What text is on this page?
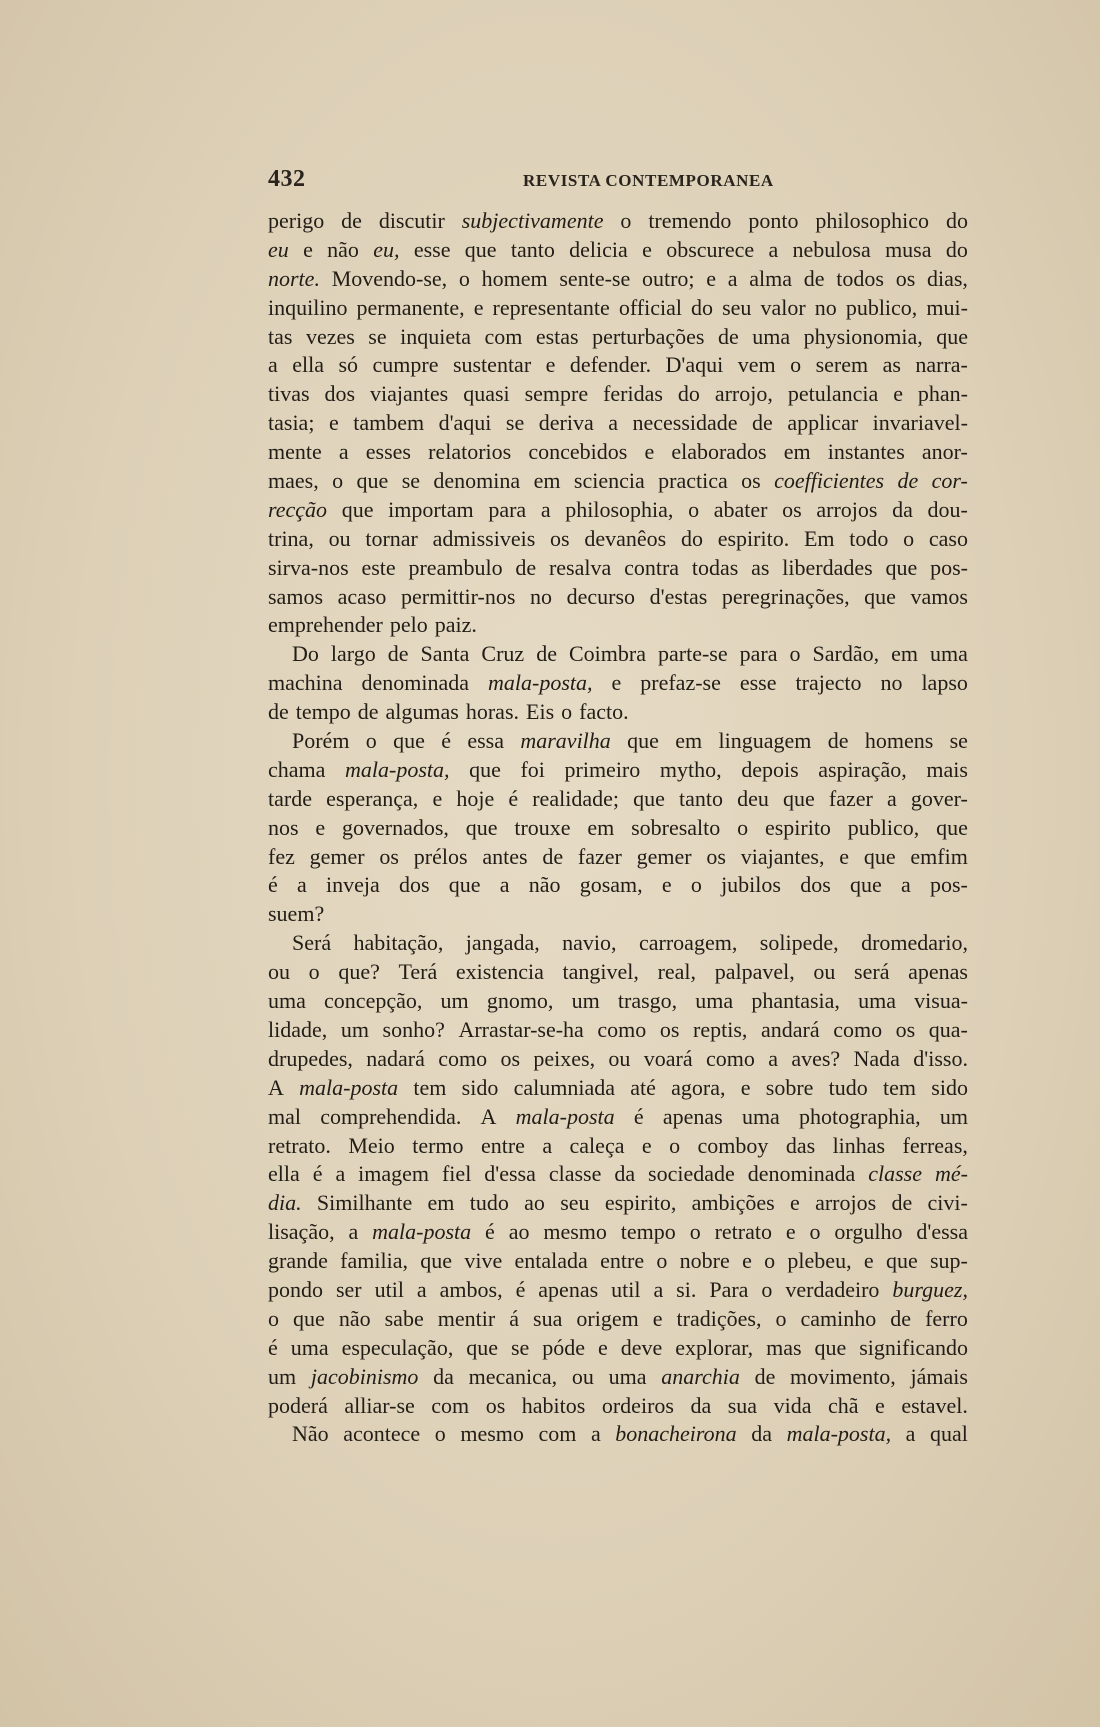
432	REVISTA CONTEMPORANEA
perigo de discutir subjectivamente o tremendo ponto philosophico do
eu e não eu, esse que tanto delicia e obscurece a nebulosa musa do
norte. Movendo-se, o homem sente-se outro; e a alma de todos os dias,
inquilino permanente, e representante official do seu valor no publico, mui-
tas vezes se inquieta com estas perturbações de uma physionomia, que
a ella só cumpre sustentar e defender. D'aqui vem o serem as narra-
tivas dos viajantes quasi sempre feridas do arrojo, petulancia e phan-
tasia; e tambem d'aqui se deriva a necessidade de applicar invariavel-
mente a esses relatorios concebidos e elaborados em instantes anor-
maes, o que se denomina em sciencia practica os coefficientes de cor-
recção que importam para a philosophia, o abater os arrojos da dou-
trina, ou tornar admissiveis os devanêos do espirito. Em todo o caso
sirva-nos este preambulo de resalva contra todas as liberdades que pos-
samos acaso permittir-nos no decurso d'estas peregrinações, que vamos
emprehender pelo paiz.
Do largo de Santa Cruz de Coimbra parte-se para o Sardão, em uma
machina denominada mala-posta, e prefaz-se esse trajecto no lapso
de tempo de algumas horas. Eis o facto.
Porém o que é essa maravilha que em linguagem de homens se
chama mala-posta, que foi primeiro mytho, depois aspiração, mais
tarde esperança, e hoje é realidade; que tanto deu que fazer a gover-
nos e governados, que trouxe em sobresalto o espirito publico, que
fez gemer os prélos antes de fazer gemer os viajantes, e que emfim
é a inveja dos que a não gosam, e o jubilos dos que a pos-
suem?
Será habitação, jangada, navio, carroagem, solipede, dromedario,
ou o que? Terá existencia tangivel, real, palpavel, ou será apenas
uma concepção, um gnomo, um trasgo, uma phantasia, uma visua-
lidade, um sonho? Arrastar-se-ha como os reptis, andará como os qua-
drupedes, nadará como os peixes, ou voará como a aves? Nada d'isso.
A mala-posta tem sido calumniada até agora, e sobre tudo tem sido
mal comprehendida. A mala-posta é apenas uma photographia, um
retrato. Meio termo entre a caleça e o comboy das linhas ferreas,
ella é a imagem fiel d'essa classe da sociedade denominada classe mé-
dia. Similhante em tudo ao seu espirito, ambições e arrojos de civi-
lisação, a mala-posta é ao mesmo tempo o retrato e o orgulho d'essa
grande familia, que vive entalada entre o nobre e o plebeu, e que sup-
pondo ser util a ambos, é apenas util a si. Para o verdadeiro burguez,
o que não sabe mentir á sua origem e tradições, o caminho de ferro
é uma especulação, que se póde e deve explorar, mas que significando
um jacobinismo da mecanica, ou uma anarchia de movimento, jámais
poderá alliar-se com os habitos ordeiros da sua vida chã e estavel.
Não acontece o mesmo com a bonacheirona da mala-posta, a qual
